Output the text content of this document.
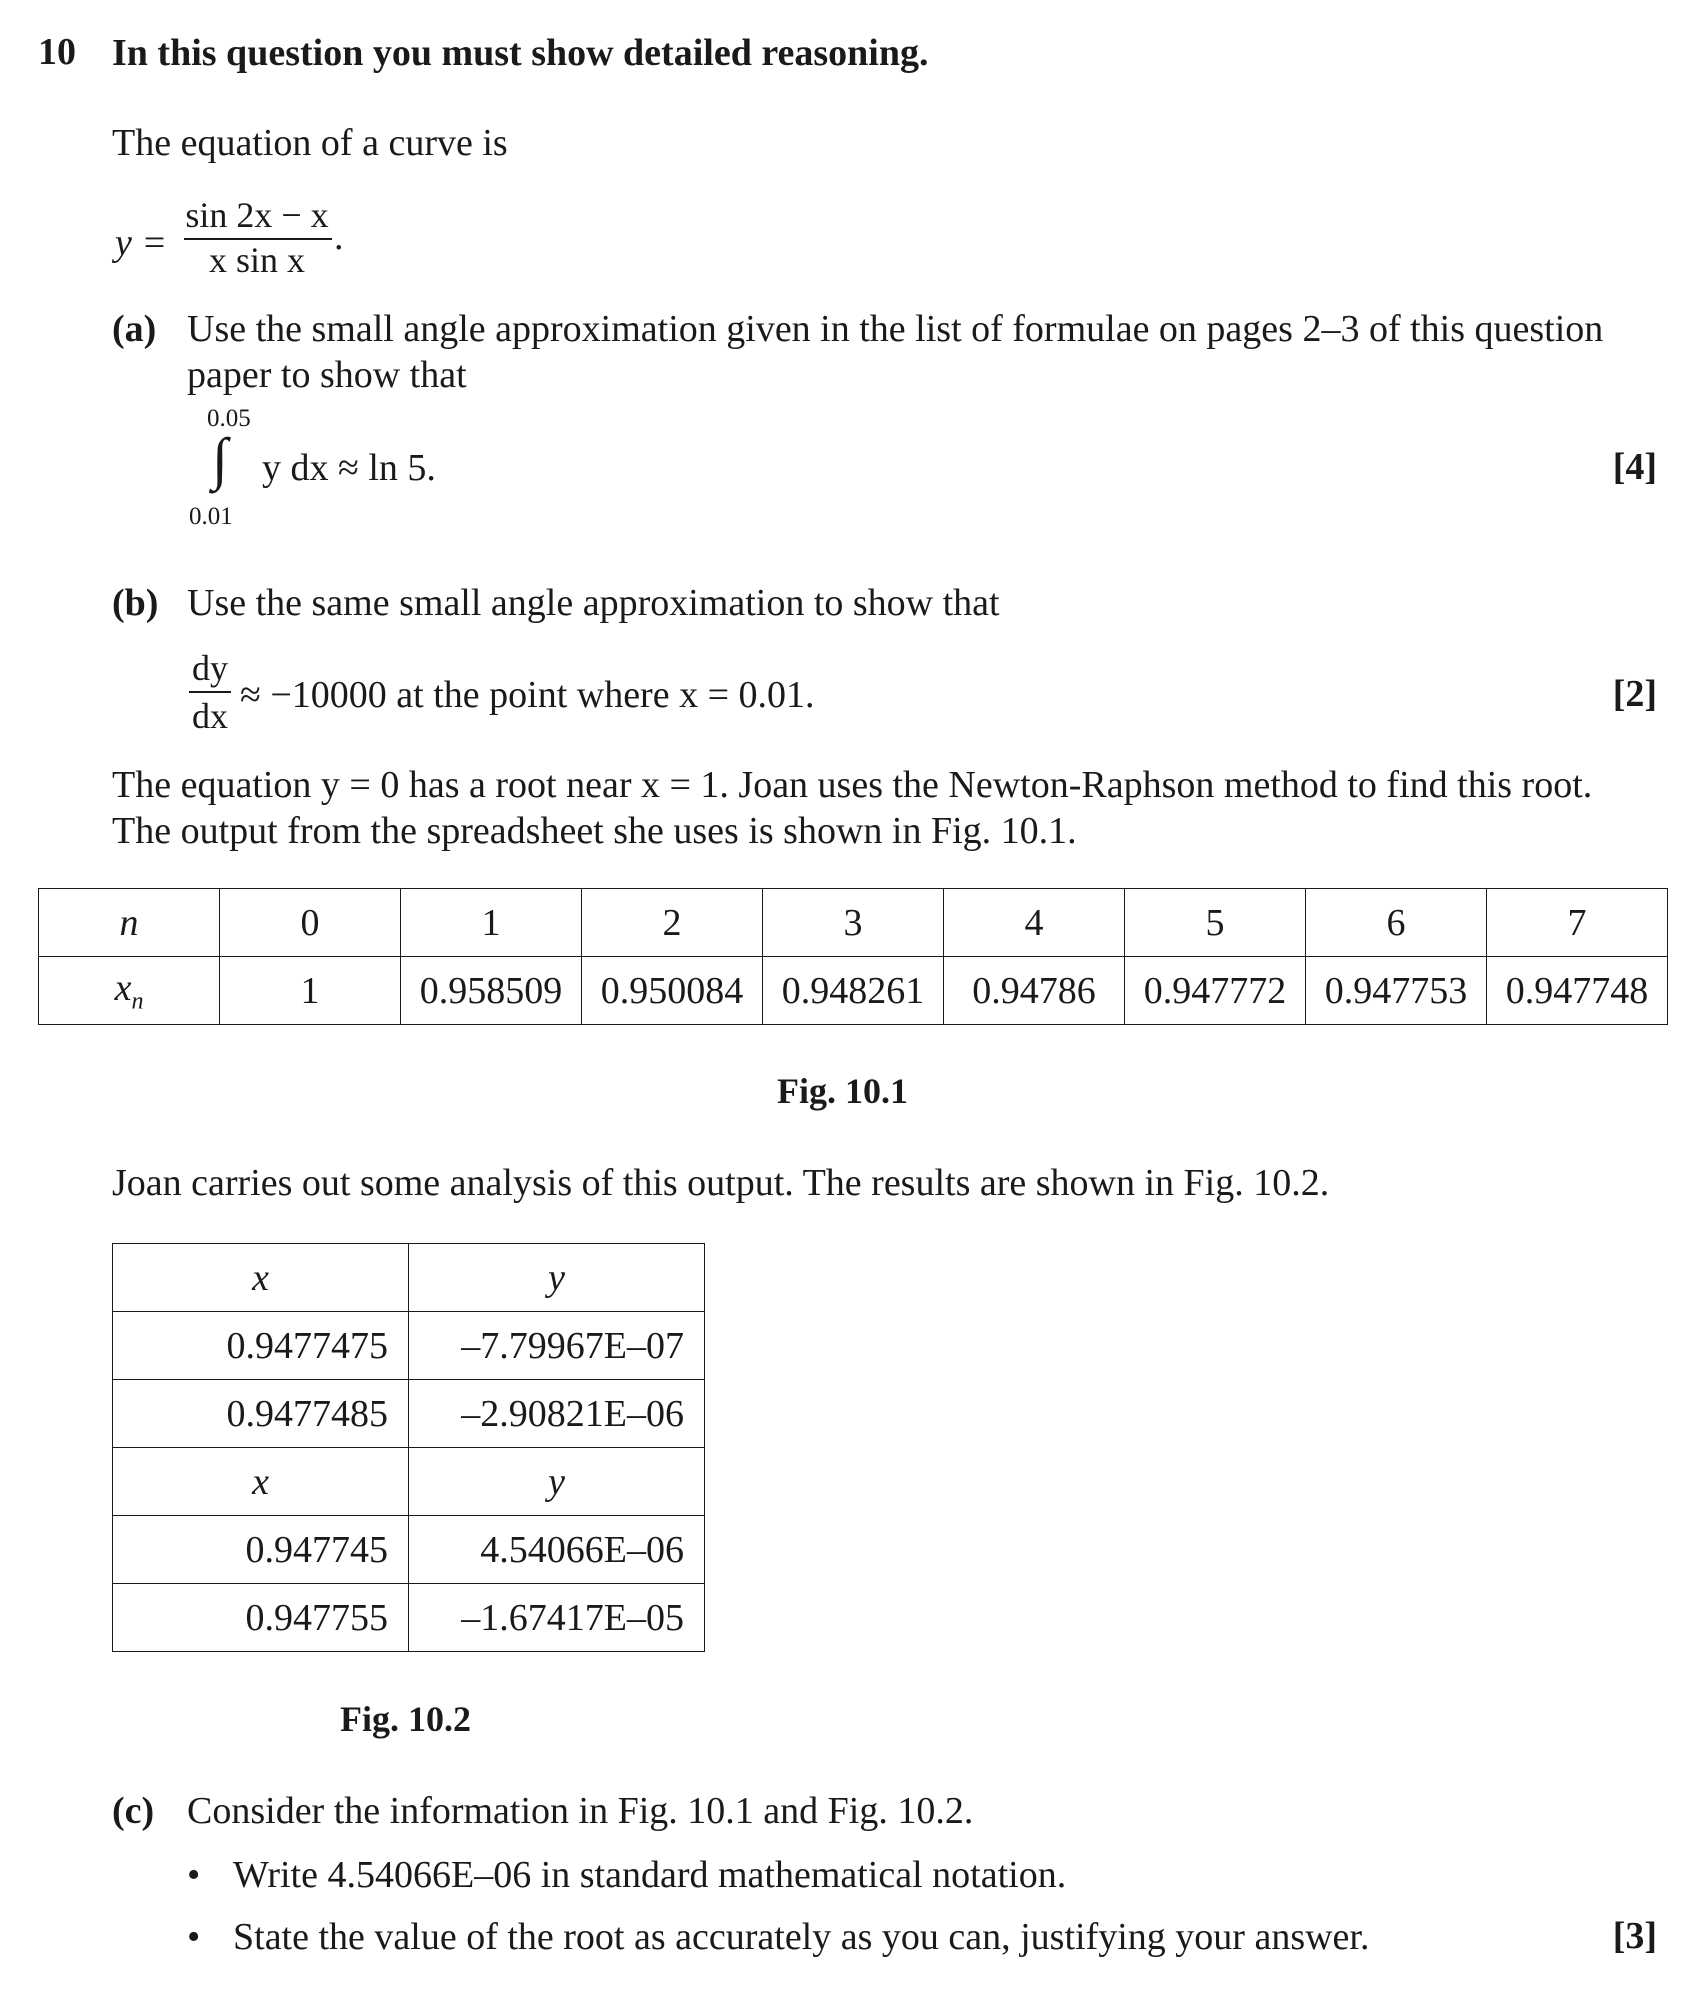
10 In this question you must show detailed reasoning.
The equation of a curve is
y =
sin 2x − x
x sin x
.
(a) Use the small angle approximation given in the list of formulae on pages 2–3 of this question
paper to show that
0.05
∫ y dx ≈ ln 5.
0.01
[4]
(b) Use the same small angle approximation to show that
dy
dx ≈ −10000 at the point where x = 0.01.	[2]
The equation y = 0 has a root near x = 1. Joan uses the Newton-Raphson method to find this root.
The output from the spreadsheet she uses is shown in Fig. 10.1.
n	0	1	2	3	4	5	6	7
$x_n$	1	0.958509	0.950084	0.948261	0.94786	0.947772	0.947753	0.947748
Fig. 10.1
Joan carries out some analysis of this output. The results are shown in Fig. 10.2.
x	y
0.9477475	–7.79967E–07
0.9477485	–2.90821E–06
x	y
0.947745	4.54066E–06
0.947755	–1.67417E–05
Fig. 10.2
(c) Consider the information in Fig. 10.1 and Fig. 10.2.
• Write 4.54066E–06 in standard mathematical notation.
• State the value of the root as accurately as you can, justifying your answer.	[3]
